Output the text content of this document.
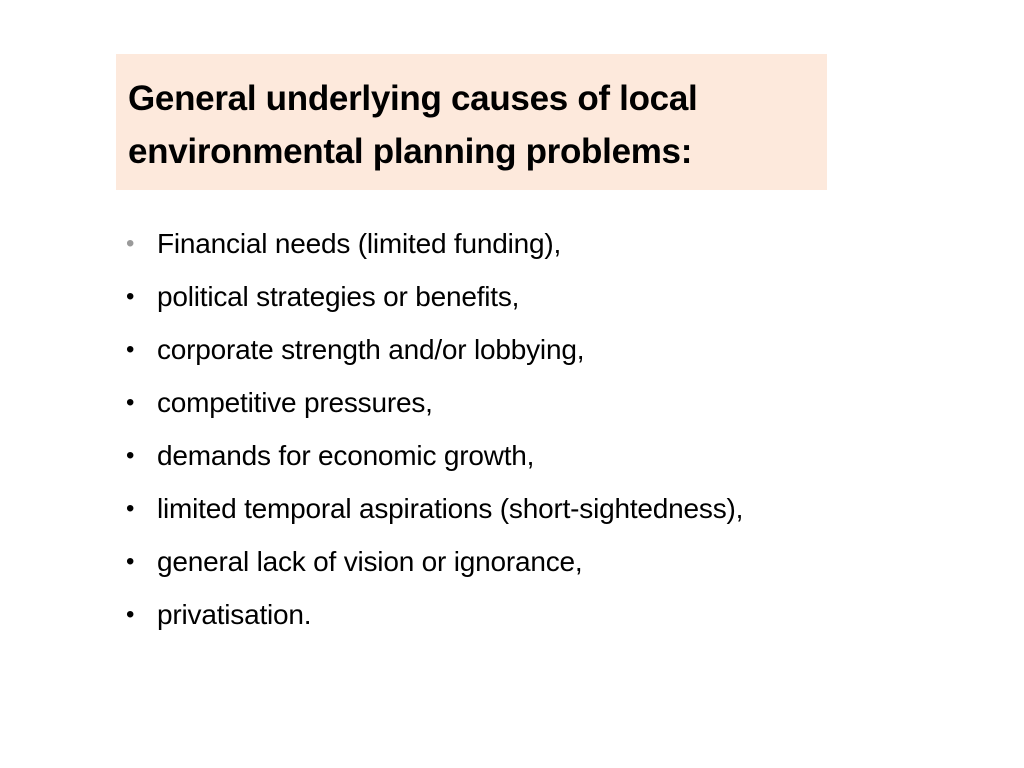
General underlying causes of local
environmental planning problems:
• Financial needs (limited funding),
• political strategies or benefits,
• corporate strength and/or lobbying,
• competitive pressures,
• demands for economic growth,
• limited temporal aspirations (short-sightedness),
• general lack of vision or ignorance,
• privatisation.
